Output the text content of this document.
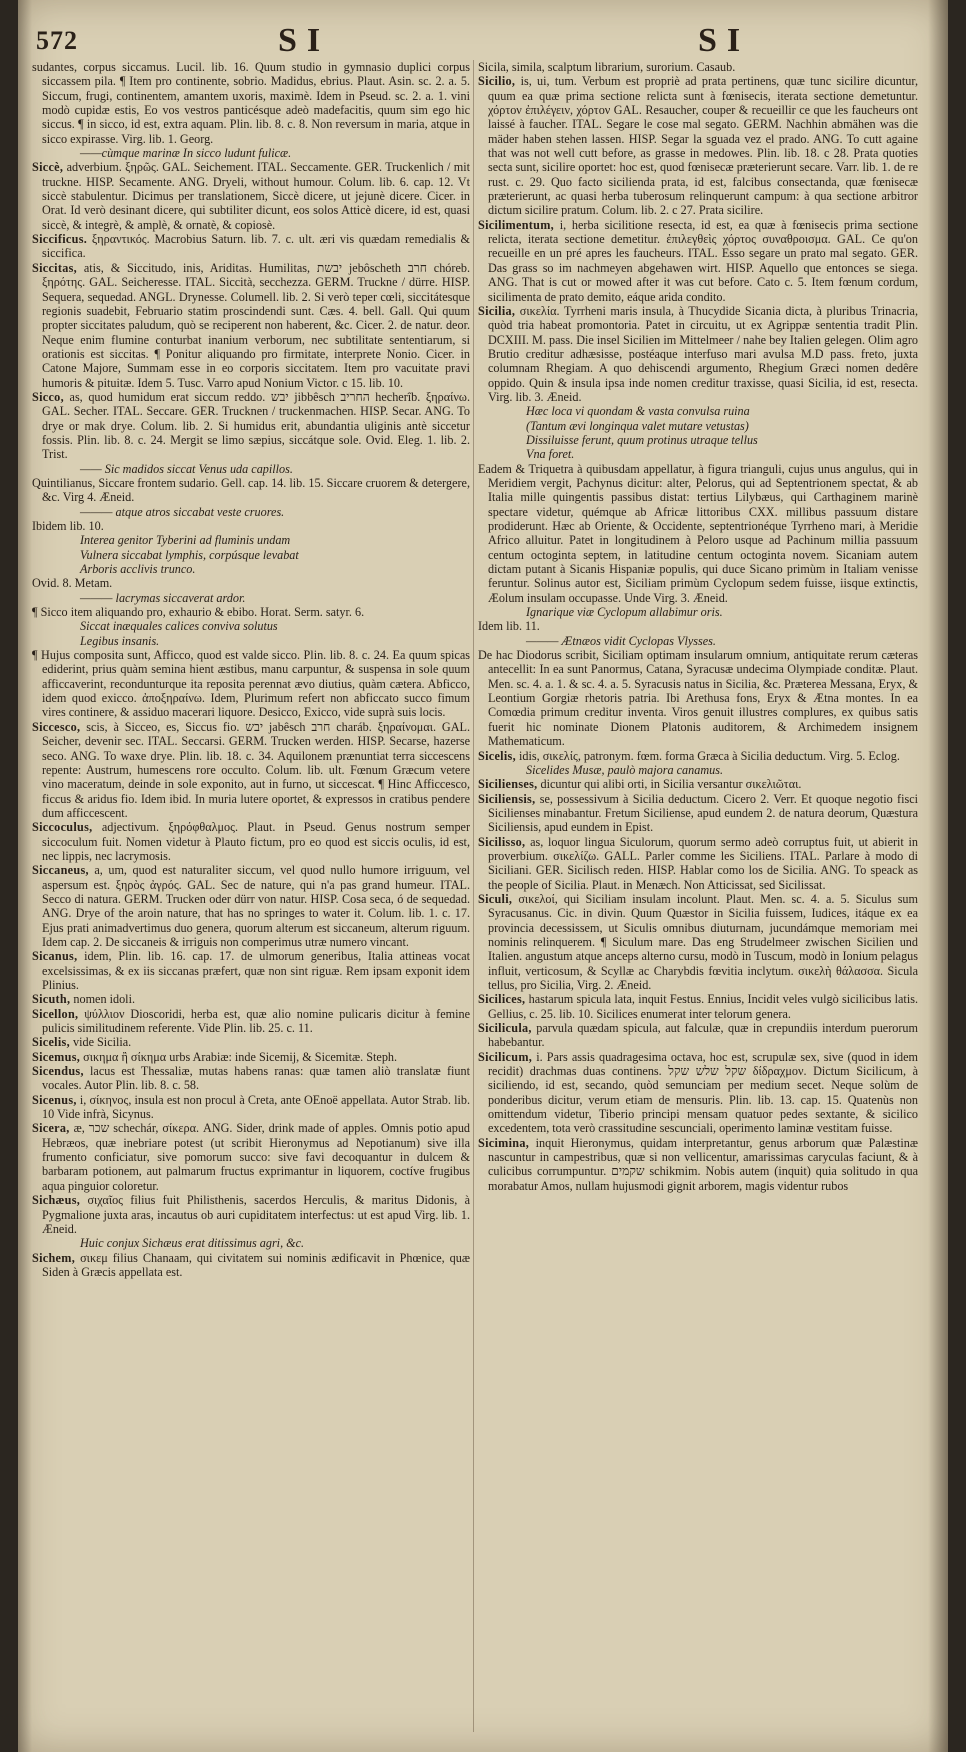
572	SI	SI

sudantes, corpus siccamus. Lucil. lib. 16. Quum studio in gymnasio duplici corpus siccassem pila. ¶ Item pro continente, sobrio. Madidus, ebrius. Plaut. Asin. sc. 2. a. 5. Siccum, frugi, continentem, amantem uxoris, maximè. Idem in Pseud. sc. 2. a. 1. vini modò cupidæ estis, Eo vos vestros panticésque adeò madefacitis, quum sim ego hic siccus. ¶ in sicco, id est, extra aquam. Plin. lib. 8. c. 8. Non reversum in maria, atque in sicco expirasse. Virg. lib. 1. Georg.

——cùmque marinæ In sicco ludunt fulicæ.

Siccè, adverbium. ξηρῶς. GAL. Seichement. ITAL. Seccamente. GER. Truckenlich / mit truckne. HISP. Secamente. ANG. Dryeli, without humour. Colum. lib. 6. cap. 12. Vt siccè stabulentur. Dicimus per translationem, Siccè dicere, ut jejunè dicere. Cicer. in Orat. Id verò desinant dicere, qui subtiliter dicunt, eos solos Atticè dicere, id est, quasi siccè, & integrè, & amplè, & ornatè, & copiosè.

Siccificus. ξηραντικός. Macrobius Saturn. lib. 7. c. ult. æri vis quædam remedialis & siccifica.

Siccitas, atis, & Siccitudo, inis, Ariditas. Humilitas, יבשת jebôscheth חרב chóreb. ξηρότης. GAL. Seicheresse. ITAL. Siccità, secchezza. GERM. Truckne / dürre. HISP. Sequera, sequedad. ANGL. Drynesse. Columell. lib. 2. Si verò teper cœli, siccitátesque regionis suadebit, Februario statim proscindendi sunt. Cæs. 4. bell. Gall. Qui quum propter siccitates paludum, quò se reciperent non haberent, &c. Cicer. 2. de natur. deor. Neque enim flumine conturbat inanium verborum, nec subtilitate sententiarum, si orationis est siccitas. ¶ Ponitur aliquando pro firmitate, interprete Nonio. Cicer. in Catone Majore, Summam esse in eo corporis siccitatem. Item pro vacuitate pravi humoris & pituitæ. Idem 5. Tusc. Varro apud Nonium Victor. c 15. lib. 10.

Sicco, as, quod humidum erat siccum reddo. יבש jibbêsch החריב hecherîb. ξηραίνω. GAL. Secher. ITAL. Seccare. GER. Trucknen / truckenmachen. HISP. Secar. ANG. To drye or mak drye. Colum. lib. 2. Si humidus erit, abundantia uliginis antè siccetur fossis. Plin. lib. 8. c. 24. Mergit se limo sæpius, siccátque sole. Ovid. Eleg. 1. lib. 2. Trist.

—— Sic madidos siccat Venus uda capillos.

Quintilianus, Siccare frontem sudario. Gell. cap. 14. lib. 15. Siccare cruorem & detergere, &c. Virg 4. Æneid.

——— atque atros siccabat veste cruores.

Ibidem lib. 10.

Interea genitor Tyberini ad fluminis undam

Vulnera siccabat lymphis, corpúsque levabat

Arboris acclivis trunco.

Ovid. 8. Metam.

——— lacrymas siccaverat ardor.

¶ Sicco item aliquando pro, exhaurio & ebibo. Horat. Serm. satyr. 6.

Siccat inæquales calices conviva solutus

Legibus insanis.

¶ Hujus composita sunt, Afficco, quod est valde sicco. Plin. lib. 8. c. 24. Ea quum spicas ediderint, prius quàm semina hient æstibus, manu carpuntur, & suspensa in sole quum afficcaverint, recondunturque ita reposita perennat ævo diutius, quàm cætera. Abficco, idem quod exicco. ἀποξηραίνω. Idem, Plurimum refert non abficcato succo fimum vires continere, & assiduo macerari liquore. Desicco, Exicco, vide suprà suis locis.

Siccesco, scis, à Sicceo, es, Siccus fio. יבש jabêsch חרב charáb. ξηραίνομαι. GAL. Seicher, devenir sec. ITAL. Seccarsi. GERM. Trucken werden. HISP. Secarse, hazerse seco. ANG. To waxe drye. Plin. lib. 18. c. 34. Aquilonem prænuntiat terra siccescens repente: Austrum, humescens rore occulto. Colum. lib. ult. Fœnum Græcum vetere vino maceratum, deinde in sole exponito, aut in furno, ut siccescat. ¶ Hinc Afficcesco, ficcus & aridus fio. Idem ibid. In muria lutere oportet, & expressos in cratibus pendere dum afficcescent.

Siccoculus, adjectivum. ξηρόφθαλμος. Plaut. in Pseud. Genus nostrum semper siccoculum fuit. Nomen videtur à Plauto fictum, pro eo quod est siccis oculis, id est, nec lippis, nec lacrymosis.

Siccaneus, a, um, quod est naturaliter siccum, vel quod nullo humore irriguum, vel aspersum est. ξηρὸς ἀγρός. GAL. Sec de nature, qui n'a pas grand humeur. ITAL. Secco di natura. GERM. Trucken oder dürr von natur. HISP. Cosa seca, ó de sequedad. ANG. Drye of the aroin nature, that has no springes to water it. Colum. lib. 1. c. 17. Ejus prati animadvertimus duo genera, quorum alterum est siccaneum, alterum riguum. Idem cap. 2. De siccaneis & irriguis non comperimus utræ numero vincant.

Sicanus, idem, Plin. lib. 16. cap. 17. de ulmorum generibus, Italia attineas vocat excelsissimas, & ex iis siccanas præfert, quæ non sint riguæ. Rem ipsam exponit idem Plinius.

Sicuth, nomen idoli.

Sicellon, ψύλλιον Dioscoridi, herba est, quæ alio nomine pulicaris dicitur à femine pulicis similitudinem referente. Vide Plin. lib. 25. c. 11.

Sicelis, vide Sicilia.

Sicemus, σικημα ἢ σίκημα urbs Arabiæ: inde Sicemij, & Sicemitæ. Steph.

Sicendus, lacus est Thessaliæ, mutas habens ranas: quæ tamen aliò translatæ fiunt vocales. Autor Plin. lib. 8. c. 58.

Sicenus, i, σίκηνος, insula est non procul à Creta, ante OEnoë appellata. Autor Strab. lib. 10 Vide infrà, Sicynus.

Sicera, æ, שכר schechár, σίκερα. ANG. Sider, drink made of apples. Omnis potio apud Hebræos, quæ inebriare potest (ut scribit Hieronymus ad Nepotianum) sive illa frumento conficiatur, sive pomorum succo: sive favi decoquantur in dulcem & barbaram potionem, aut palmarum fructus exprimantur in liquorem, coctíve frugibus aqua pinguior coloretur.

Sichæus, σιχαῖος filius fuit Philisthenis, sacerdos Herculis, & maritus Didonis, à Pygmalione juxta aras, incautus ob auri cupiditatem interfectus: ut est apud Virg. lib. 1. Æneid.

Huic conjux Sichæus erat ditissimus agri, &c.

Sichem, σικεμ filius Chanaam, qui civitatem sui nominis ædificavit in Phœnice, quæ Siden à Græcis appellata est.

Sicila, simila, scalptum librarium, surorium. Casaub.

Sicilio, is, ui, tum. Verbum est propriè ad prata pertinens, quæ tunc sicilire dicuntur, quum ea quæ prima sectione relicta sunt à fœnisecis, iterata sectione demetuntur. χόρτον ἐπιλέγειν, χόρτον GAL. Resaucher, couper & recueillir ce que les faucheurs ont laissé à faucher. ITAL. Segare le cose mal segato. GERM. Nachhin abmähen was die mäder haben stehen lassen. HISP. Segar la sguada vez el prado. ANG. To cutt againe that was not well cutt before, as grasse in medowes. Plin. lib. 18. c 28. Prata quoties secta sunt, sicilire oportet: hoc est, quod fœnisecæ præterierunt secare. Varr. lib. 1. de re rust. c. 29. Quo facto sicilienda prata, id est, falcibus consectanda, quæ fœnisecæ præterierunt, ac quasi herba tuberosum relinquerunt campum: à qua sectione arbitror dictum sicilire pratum. Colum. lib. 2. c 27. Prata sicilire.

Sicilimentum, i, herba sicilitione resecta, id est, ea quæ à fœnisecis prima sectione relicta, iterata sectione demetitur. ἐπιλεγθεὶς χόρτος συναθροισμα. GAL. Ce qu'on recueille en un pré apres les faucheurs. ITAL. Esso segare un prato mal segato. GER. Das grass so im nachmeyen abgehawen wirt. HISP. Aquello que entonces se siega. ANG. That is cut or mowed after it was cut before. Cato c. 5. Item fœnum cordum, sicilimenta de prato demito, eáque arida condito.

Sicilia, σικελία. Tyrrheni maris insula, à Thucydide Sicania dicta, à pluribus Trinacria, quòd tria habeat promontoria. Patet in circuitu, ut ex Agrippæ sententia tradit Plin. DCXIII. M. pass. Die insel Sicilien im Mittelmeer / nahe bey Italien gelegen. Olim agro Brutio creditur adhæsisse, postéaque interfuso mari avulsa M.D pass. freto, juxta columnam Rhegiam. A quo dehiscendi argumento, Rhegium Græci nomen dedêre oppido. Quin & insula ipsa inde nomen creditur traxisse, quasi Sicilia, id est, resecta. Virg. lib. 3. Æneid.

Hæc loca vi quondam & vasta convulsa ruina

(Tantum ævi longinqua valet mutare vetustas)

Dissiluisse ferunt, quum protinus utraque tellus

Vna foret.

Eadem & Triquetra à quibusdam appellatur, à figura trianguli, cujus unus angulus, qui in Meridiem vergit, Pachynus dicitur: alter, Pelorus, qui ad Septentrionem spectat, & ab Italia mille quingentis passibus distat: tertius Lilybæus, qui Carthaginem marinè spectare videtur, quémque ab Africæ littoribus CXX. millibus passuum distare prodiderunt. Hæc ab Oriente, & Occidente, septentrionéque Tyrrheno mari, à Meridie Africo alluitur. Patet in longitudinem à Peloro usque ad Pachinum millia passuum centum octoginta septem, in latitudine centum octoginta novem. Sicaniam autem dictam putant à Sicanis Hispaniæ populis, qui duce Sicano primùm in Italiam venisse feruntur. Solinus autor est, Siciliam primùm Cyclopum sedem fuisse, iisque extinctis, Æolum insulam occupasse. Unde Virg. 3. Æneid.

Ignarique viæ Cyclopum allabimur oris.

Idem lib. 11.

——— Ætnæos vidit Cyclopas Vlysses.

De hac Diodorus scribit, Siciliam optimam insularum omnium, antiquitate rerum cæteras antecellit: In ea sunt Panormus, Catana, Syracusæ undecima Olympiade conditæ. Plaut. Men. sc. 4. a. 1. & sc. 4. a. 5. Syracusis natus in Sicilia, &c. Præterea Messana, Eryx, & Leontium Gorgiæ rhetoris patria. Ibi Arethusa fons, Eryx & Ætna montes. In ea Comœdia primum creditur inventa. Viros genuit illustres complures, ex quibus satis fuerit hic nominate Dionem Platonis auditorem, & Archimedem insignem Mathematicum.

Sicelis, idis, σικελίς, patronym. fœm. forma Græca à Sicilia deductum. Virg. 5. Eclog.

Sicelides Musæ, paulò majora canamus.

Sicilienses, dicuntur qui alibi orti, in Sicilia versantur σικελιῶται.

Siciliensis, se, possessivum à Sicilia deductum. Cicero 2. Verr. Et quoque negotio fisci Sicilienses minabantur. Fretum Siciliense, apud eundem 2. de natura deorum, Quæstura Siciliensis, apud eundem in Epist.

Sicilisso, as, loquor lingua Siculorum, quorum sermo adeò corruptus fuit, ut abierit in proverbium. σικελίζω. GALL. Parler comme les Siciliens. ITAL. Parlare à modo di Siciliani. GER. Sicilisch reden. HISP. Hablar como los de Sicilia. ANG. To speack as the people of Sicilia. Plaut. in Menæch. Non Atticissat, sed Sicilissat.

Siculi, σικελοί, qui Siciliam insulam incolunt. Plaut. Men. sc. 4. a. 5. Siculus sum Syracusanus. Cic. in divin. Quum Quæstor in Sicilia fuissem, Iudices, itáque ex ea provincia decessissem, ut Siculis omnibus diuturnam, jucundámque memoriam mei nominis relinquerem. ¶ Siculum mare. Das eng Strudelmeer zwischen Sicilien und Italien. angustum atque anceps alterno cursu, modò in Tuscum, modò in Ionium pelagus influit, verticosum, & Scyllæ ac Charybdis fœvitia inclytum. σικελὴ θάλασσα. Sicula tellus, pro Sicilia, Virg. 2. Æneid.

Sicilices, hastarum spicula lata, inquit Festus. Ennius, Incidit veles vulgò sicilicibus latis. Gellius, c. 25. lib. 10. Sicilices enumerat inter telorum genera.

Sicilicula, parvula quædam spicula, aut falculæ, quæ in crepundiis interdum puerorum habebantur.

Sicilicum, i. Pars assis quadragesima octava, hoc est, scrupulæ sex, sive (quod in idem recidit) drachmas duas continens. שקל שלש שקל δίδραχμον. Dictum Sicilicum, à siciliendo, id est, secando, quòd semunciam per medium secet. Neque solùm de ponderibus dicitur, verum etiam de mensuris. Plin. lib. 13. cap. 15. Quatenùs non omittendum videtur, Tiberio principi mensam quatuor pedes sextante, & sicilico excedentem, tota verò crassitudine sescunciali, operimento laminæ vestitam fuisse.

Sicimina, inquit Hieronymus, quidam interpretantur, genus arborum quæ Palæstinæ nascuntur in campestribus, quæ si non vellicentur, amarissimas caryculas faciunt, & à culicibus corrumpuntur. שקמים schikmim. Nobis autem (inquit) quia solitudo in qua morabatur Amos, nullam hujusmodi gignit arborem, magis videntur rubos
